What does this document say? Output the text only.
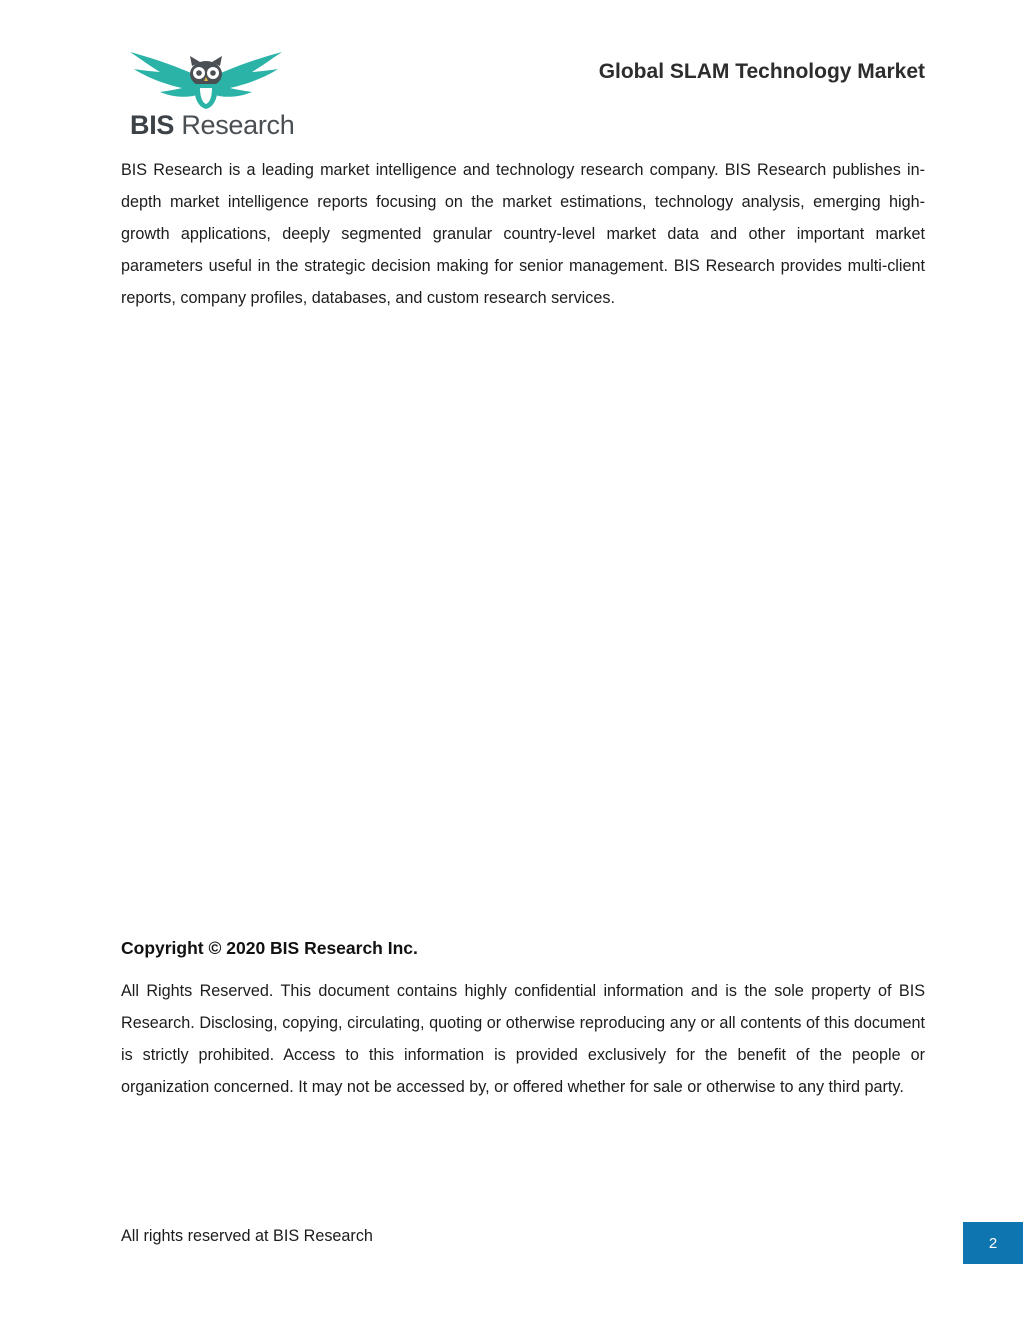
BIS Research
Global SLAM Technology Market

BIS Research is a leading market intelligence and technology research company. BIS Research publishes in-depth market intelligence reports focusing on the market estimations, technology analysis, emerging high-growth applications, deeply segmented granular country-level market data and other important market parameters useful in the strategic decision making for senior management. BIS Research provides multi-client reports, company profiles, databases, and custom research services.

Copyright © 2020 BIS Research Inc.

All Rights Reserved. This document contains highly confidential information and is the sole property of BIS Research. Disclosing, copying, circulating, quoting or otherwise reproducing any or all contents of this document is strictly prohibited. Access to this information is provided exclusively for the benefit of the people or organization concerned. It may not be accessed by, or offered whether for sale or otherwise to any third party.

All rights reserved at BIS Research	2
